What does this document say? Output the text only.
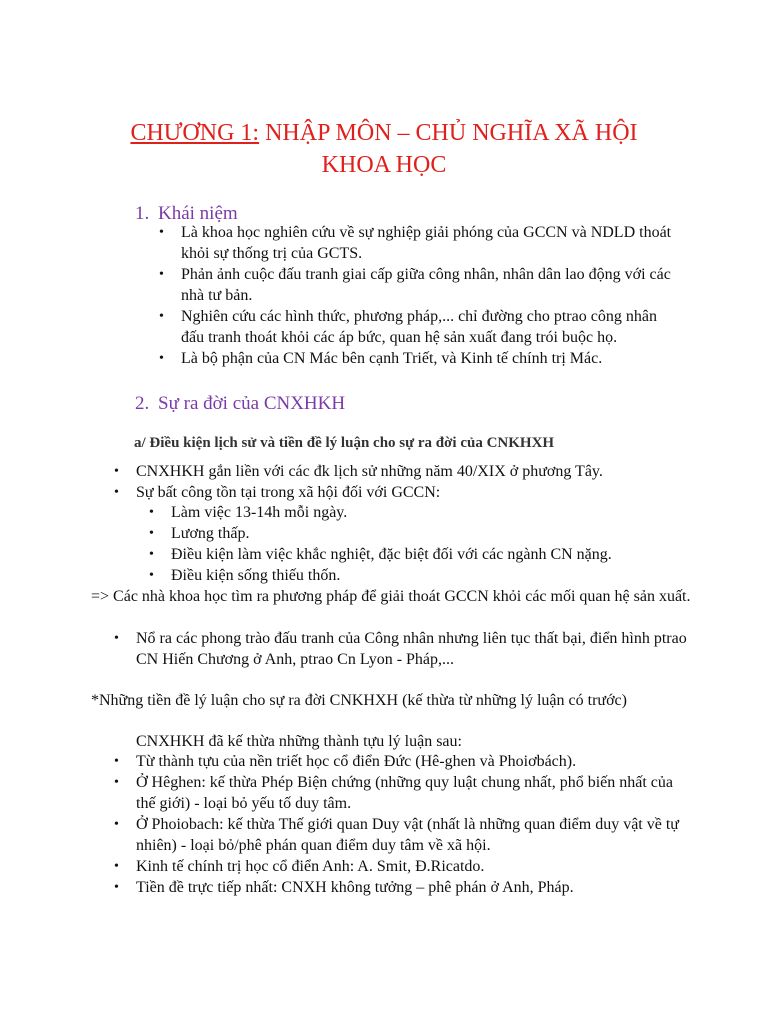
CHƯƠNG 1: NHẬP MÔN – CHỦ NGHĨA XÃ HỘI
KHOA HỌC
1. Khái niệm
• Là khoa học nghiên cứu về sự nghiệp giải phóng của GCCN và NDLD thoát khỏi sự thống trị của GCTS.
• Phản ảnh cuộc đấu tranh giai cấp giữa công nhân, nhân dân lao động với các nhà tư bản.
• Nghiên cứu các hình thức, phương pháp,... chỉ đường cho ptrao công nhân đấu tranh thoát khỏi các áp bức, quan hệ sản xuất đang trói buộc họ.
• Là bộ phận của CN Mác bên cạnh Triết, và Kinh tế chính trị Mác.
2. Sự ra đời của CNXHKH
a/ Điều kiện lịch sử và tiền đề lý luận cho sự ra đời của CNKHXH
• CNXHKH gắn liền với các đk lịch sử những năm 40/XIX ở phương Tây.
• Sự bất công tồn tại trong xã hội đối với GCCN:
• Làm việc 13-14h mỗi ngày.
• Lương thấp.
• Điều kiện làm việc khắc nghiệt, đặc biệt đối với các ngành CN nặng.
• Điều kiện sống thiếu thốn.
=> Các nhà khoa học tìm ra phương pháp để giải thoát GCCN khỏi các mối quan hệ sản xuất.
• Nổ ra các phong trào đấu tranh của Công nhân nhưng liên tục thất bại, điển hình ptrao CN Hiến Chương ở Anh, ptrao Cn Lyon - Pháp,...
*Những tiền đề lý luận cho sự ra đời CNKHXH (kế thừa từ những lý luận có trước)
CNXHKH đã kế thừa những thành tựu lý luận sau:
• Từ thành tựu của nền triết học cổ điển Đức (Hê-ghen và Phoiơbách).
• Ở Hêghen: kế thừa Phép Biện chứng (những quy luật chung nhất, phổ biến nhất của thế giới) - loại bỏ yếu tố duy tâm.
• Ở Phoiobach: kế thừa Thế giới quan Duy vật (nhất là những quan điểm duy vật về tự nhiên) - loại bỏ/phê phán quan điểm duy tâm về xã hội.
• Kinh tế chính trị học cổ điển Anh: A. Smit, Đ.Ricatdo.
• Tiền đề trực tiếp nhất: CNXH không tưởng – phê phán ở Anh, Pháp.
